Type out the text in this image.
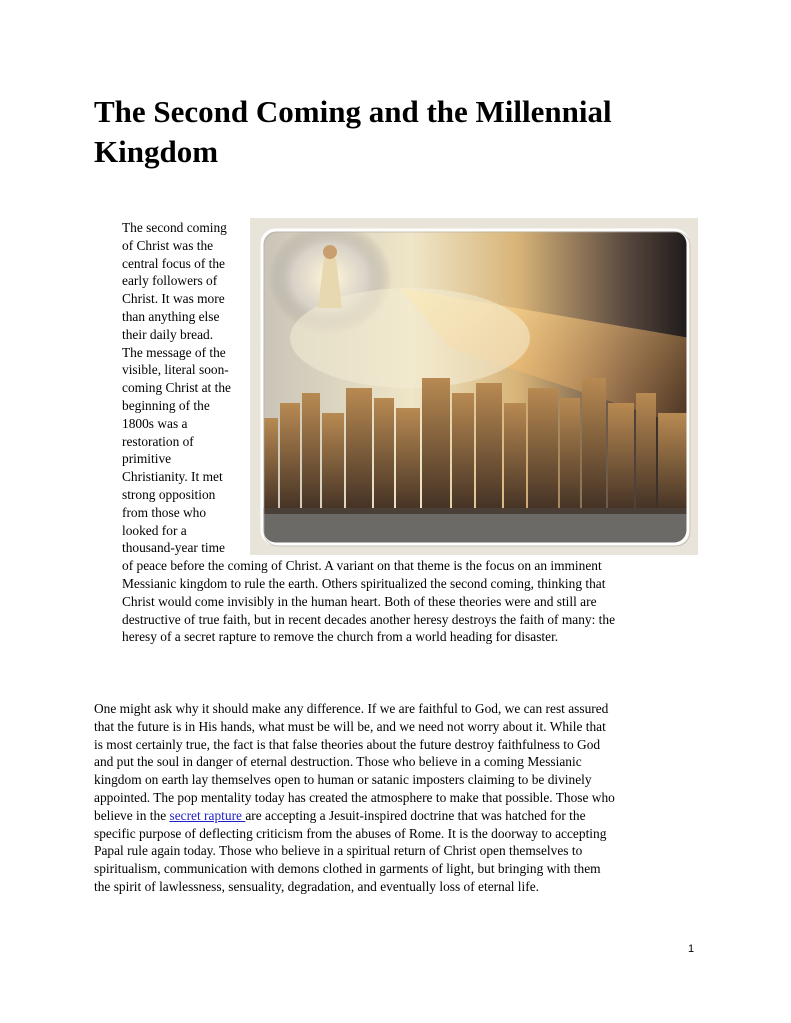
The Second Coming and the Millennial
Kingdom
The second coming
of Christ was the
central focus of the
early followers of
Christ. It was more
than anything else
their daily bread.
The message of the
visible, literal soon-
coming Christ at the
beginning of the
1800s was a
restoration of
primitive
Christianity. It met
strong opposition
from those who
looked for a
thousand-year time
of peace before the coming of Christ. A variant on that theme is the focus on an imminent
Messianic kingdom to rule the earth. Others spiritualized the second coming, thinking that
Christ would come invisibly in the human heart. Both of these theories were and still are
destructive of true faith, but in recent decades another heresy destroys the faith of many: the
heresy of a secret rapture to remove the church from a world heading for disaster.
One might ask why it should make any difference. If we are faithful to God, we can rest assured
that the future is in His hands, what must be will be, and we need not worry about it. While that
is most certainly true, the fact is that false theories about the future destroy faithfulness to God
and put the soul in danger of eternal destruction. Those who believe in a coming Messianic
kingdom on earth lay themselves open to human or satanic imposters claiming to be divinely
appointed. The pop mentality today has created the atmosphere to make that possible. Those who
believe in the secret rapture are accepting a Jesuit-inspired doctrine that was hatched for the
specific purpose of deflecting criticism from the abuses of Rome. It is the doorway to accepting
Papal rule again today. Those who believe in a spiritual return of Christ open themselves to
spiritualism, communication with demons clothed in garments of light, but bringing with them
the spirit of lawlessness, sensuality, degradation, and eventually loss of eternal life.
1
